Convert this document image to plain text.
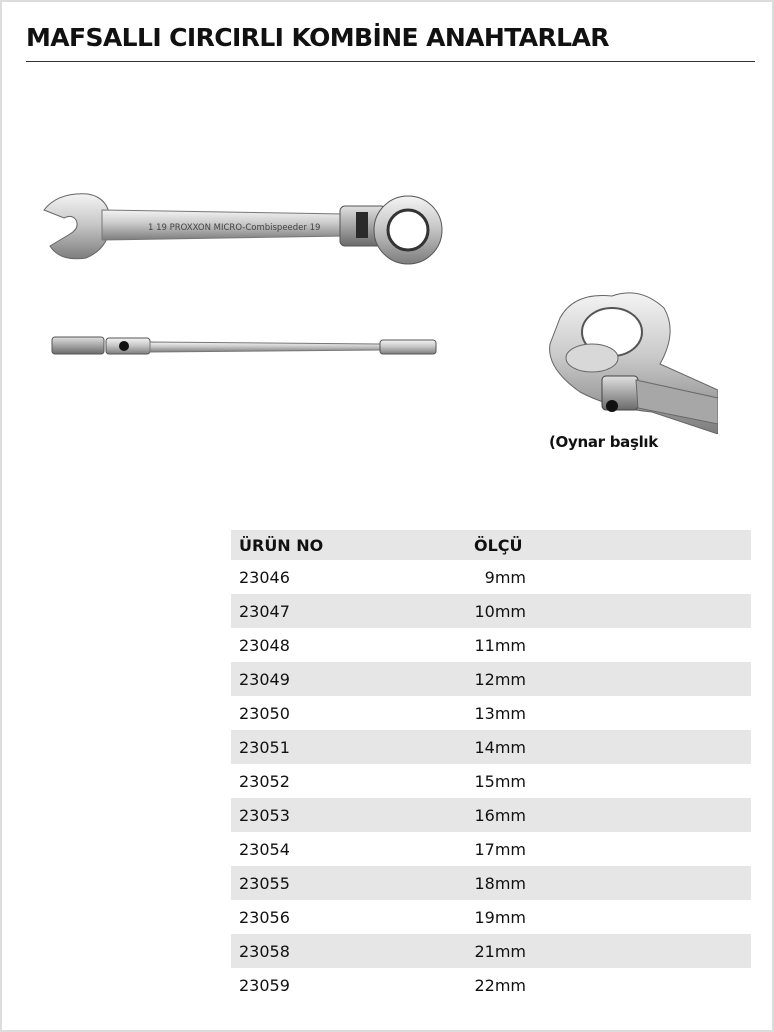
MAFSALLI CIRCIRLI KOMBİNE ANAHTARLAR
1 19 PROXXON MICRO-Combispeeder 19
(Oynar başlık
ÜRÜN NO	ÖLÇÜ
23046	9mm
23047	10mm
23048	11mm
23049	12mm
23050	13mm
23051	14mm
23052	15mm
23053	16mm
23054	17mm
23055	18mm
23056	19mm
23058	21mm
23059	22mm
